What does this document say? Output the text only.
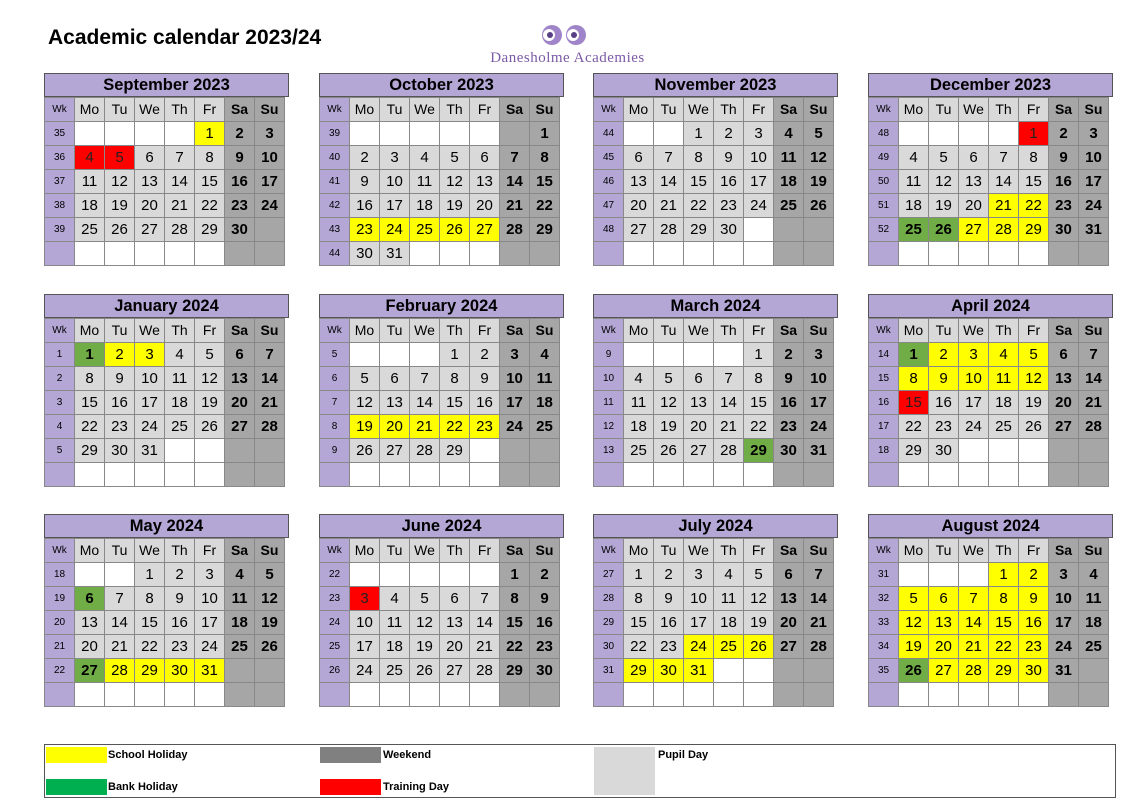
Academic calendar 2023/24
Danesholme Academies
September 2023
Wk	Mo	Tu	We	Th	Fr	Sa	Su
35					1	2	3
36	4	5	6	7	8	9	10
37	11	12	13	14	15	16	17
38	18	19	20	21	22	23	24
39	25	26	27	28	29	30	

October 2023
Wk	Mo	Tu	We	Th	Fr	Sa	Su
39							1
40	2	3	4	5	6	7	8
41	9	10	11	12	13	14	15
42	16	17	18	19	20	21	22
43	23	24	25	26	27	28	29
44	30	31					
November 2023
Wk	Mo	Tu	We	Th	Fr	Sa	Su
44			1	2	3	4	5
45	6	7	8	9	10	11	12
46	13	14	15	16	17	18	19
47	20	21	22	23	24	25	26
48	27	28	29	30			

December 2023
Wk	Mo	Tu	We	Th	Fr	Sa	Su
48					1	2	3
49	4	5	6	7	8	9	10
50	11	12	13	14	15	16	17
51	18	19	20	21	22	23	24
52	25	26	27	28	29	30	31

January 2024
Wk	Mo	Tu	We	Th	Fr	Sa	Su
1	1	2	3	4	5	6	7
2	8	9	10	11	12	13	14
3	15	16	17	18	19	20	21
4	22	23	24	25	26	27	28
5	29	30	31				

February 2024
Wk	Mo	Tu	We	Th	Fr	Sa	Su
5				1	2	3	4
6	5	6	7	8	9	10	11
7	12	13	14	15	16	17	18
8	19	20	21	22	23	24	25
9	26	27	28	29			

March 2024
Wk	Mo	Tu	We	Th	Fr	Sa	Su
9					1	2	3
10	4	5	6	7	8	9	10
11	11	12	13	14	15	16	17
12	18	19	20	21	22	23	24
13	25	26	27	28	29	30	31

April 2024
Wk	Mo	Tu	We	Th	Fr	Sa	Su
14	1	2	3	4	5	6	7
15	8	9	10	11	12	13	14
16	15	16	17	18	19	20	21
17	22	23	24	25	26	27	28
18	29	30					

May 2024
Wk	Mo	Tu	We	Th	Fr	Sa	Su
18			1	2	3	4	5
19	6	7	8	9	10	11	12
20	13	14	15	16	17	18	19
21	20	21	22	23	24	25	26
22	27	28	29	30	31		

June 2024
Wk	Mo	Tu	We	Th	Fr	Sa	Su
22						1	2
23	3	4	5	6	7	8	9
24	10	11	12	13	14	15	16
25	17	18	19	20	21	22	23
26	24	25	26	27	28	29	30

July 2024
Wk	Mo	Tu	We	Th	Fr	Sa	Su
27	1	2	3	4	5	6	7
28	8	9	10	11	12	13	14
29	15	16	17	18	19	20	21
30	22	23	24	25	26	27	28
31	29	30	31				

August 2024
Wk	Mo	Tu	We	Th	Fr	Sa	Su
31				1	2	3	4
32	5	6	7	8	9	10	11
33	12	13	14	15	16	17	18
34	19	20	21	22	23	24	25
35	26	27	28	29	30	31	

School Holiday	Weekend	Pupil Day
Bank Holiday	Training Day
